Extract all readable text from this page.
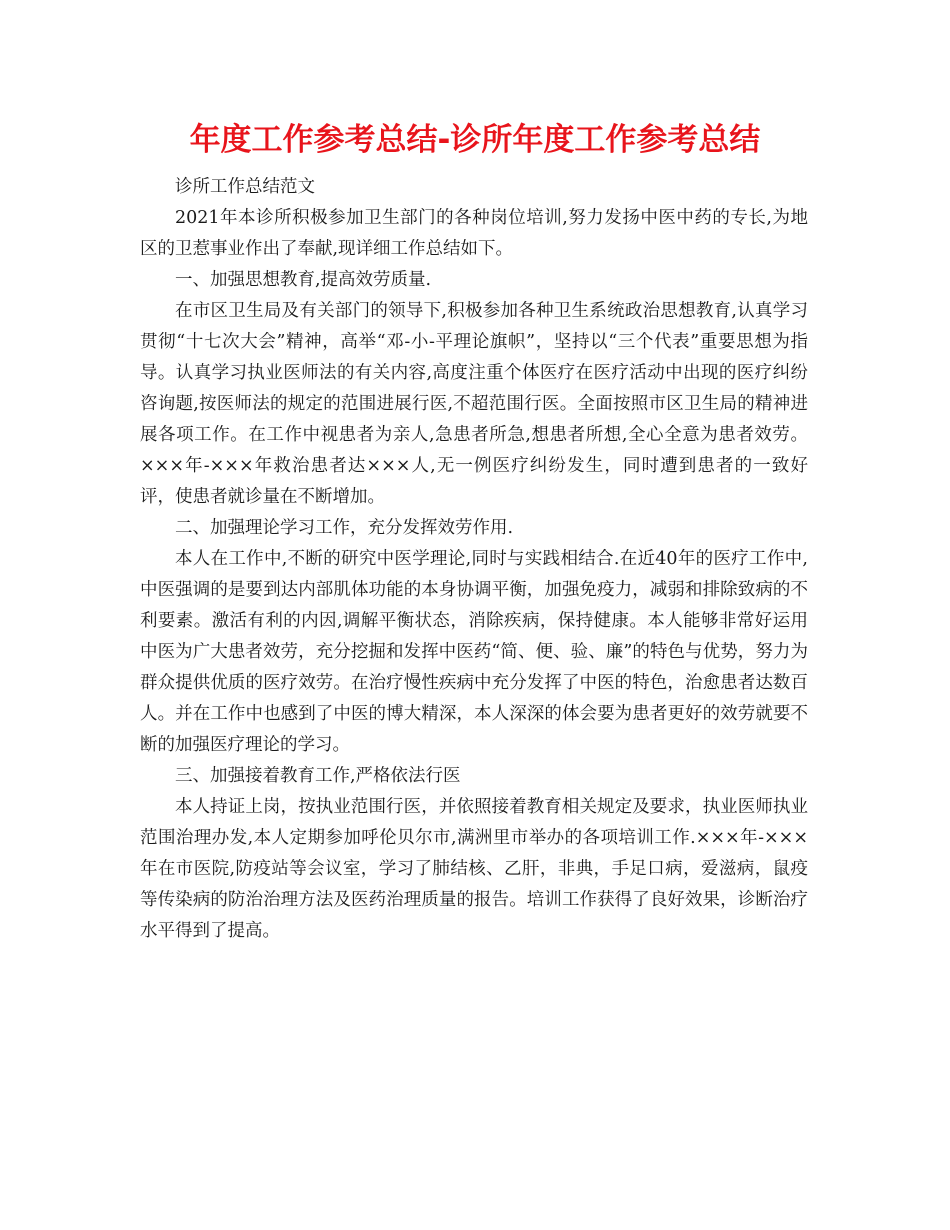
年度工作参考总结-诊所年度工作参考总结

诊所工作总结范文

2021年本诊所积极参加卫生部门的各种岗位培训,努力发扬中医中药的专长,为地区的卫惹事业作出了奉献,现详细工作总结如下。

一、加强思想教育,提高效劳质量.

在市区卫生局及有关部门的领导下,积极参加各种卫生系统政治思想教育,认真学习贯彻“十七次大会”精神，高举“邓-小-平理论旗帜”，坚持以“三个代表”重要思想为指导。认真学习执业医师法的有关内容,高度注重个体医疗在医疗活动中出现的医疗纠纷咨询题,按医师法的规定的范围进展行医,不超范围行医。全面按照市区卫生局的精神进展各项工作。在工作中视患者为亲人,急患者所急,想患者所想,全心全意为患者效劳。×××年-×××年救治患者达×××人,无一例医疗纠纷发生，同时遭到患者的一致好评，使患者就诊量在不断增加。

二、加强理论学习工作，充分发挥效劳作用.

本人在工作中,不断的研究中医学理论,同时与实践相结合.在近40年的医疗工作中,中医强调的是要到达内部肌体功能的本身协调平衡，加强免疫力，减弱和排除致病的不利要素。激活有利的内因,调解平衡状态，消除疾病，保持健康。本人能够非常好运用中医为广大患者效劳，充分挖掘和发挥中医药“简、便、验、廉”的特色与优势，努力为群众提供优质的医疗效劳。在治疗慢性疾病中充分发挥了中医的特色，治愈患者达数百人。并在工作中也感到了中医的博大精深，本人深深的体会要为患者更好的效劳就要不断的加强医疗理论的学习。

三、加强接着教育工作,严格依法行医

本人持证上岗，按执业范围行医，并依照接着教育相关规定及要求，执业医师执业范围治理办发,本人定期参加呼伦贝尔市,满洲里市举办的各项培训工作.×××年-×××年在市医院,防疫站等会议室，学习了肺结核、乙肝，非典，手足口病，爱滋病，鼠疫等传染病的防治治理方法及医药治理质量的报告。培训工作获得了良好效果，诊断治疗水平得到了提高。
